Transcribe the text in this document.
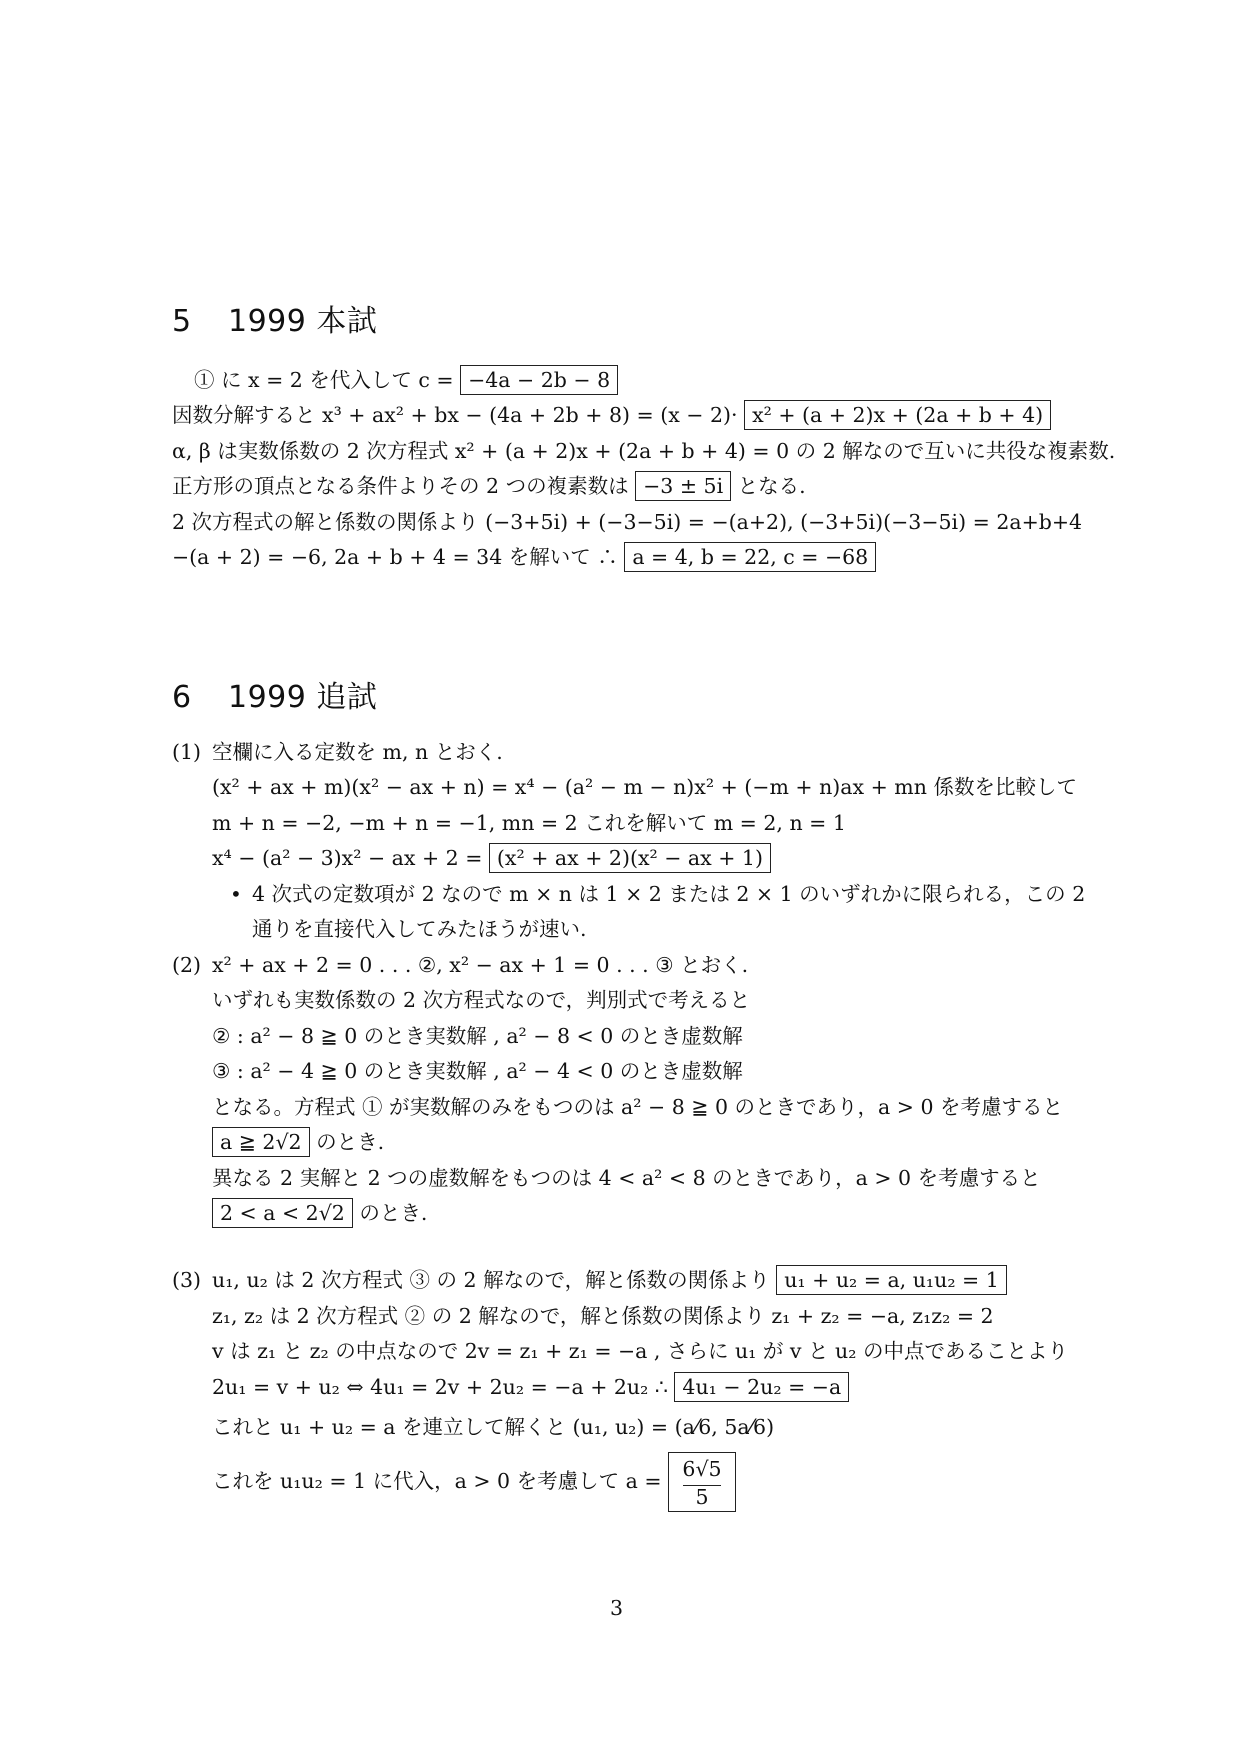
5 1999 本試
① に x = 2 を代入して c = −4a − 2b − 8
因数分解すると x³ + ax² + bx − (4a + 2b + 8) = (x − 2)· x² + (a + 2)x + (2a + b + 4)
α, β は実数係数の 2 次方程式 x² + (a + 2)x + (2a + b + 4) = 0 の 2 解なので互いに共役な複素数.
正方形の頂点となる条件よりその 2 つの複素数は −3 ± 5i となる.
2 次方程式の解と係数の関係より (−3+5i) + (−3−5i) = −(a+2), (−3+5i)(−3−5i) = 2a+b+4
−(a + 2) = −6, 2a + b + 4 = 34 を解いて ∴ a = 4, b = 22, c = −68
6 1999 追試
(1) 空欄に入る定数を m, n とおく.
(x² + ax + m)(x² − ax + n) = x⁴ − (a² − m − n)x² + (−m + n)ax + mn 係数を比較して
m + n = −2, −m + n = −1, mn = 2 これを解いて m = 2, n = 1
x⁴ − (a² − 3)x² − ax + 2 = (x² + ax + 2)(x² − ax + 1)
• 4 次式の定数項が 2 なので m × n は 1 × 2 または 2 × 1 のいずれかに限られる，この 2
通りを直接代入してみたほうが速い.
(2) x² + ax + 2 = 0 . . . ②, x² − ax + 1 = 0 . . . ③ とおく.
いずれも実数係数の 2 次方程式なので，判別式で考えると
② : a² − 8 ≧ 0 のとき実数解 , a² − 8 < 0 のとき虚数解
③ : a² − 4 ≧ 0 のとき実数解 , a² − 4 < 0 のとき虚数解
となる。方程式 ① が実数解のみをもつのは a² − 8 ≧ 0 のときであり，a > 0 を考慮すると
a ≧ 2√2 のとき.
異なる 2 実解と 2 つの虚数解をもつのは 4 < a² < 8 のときであり，a > 0 を考慮すると
2 < a < 2√2 のとき.
(3) u₁, u₂ は 2 次方程式 ③ の 2 解なので，解と係数の関係より u₁ + u₂ = a, u₁u₂ = 1
z₁, z₂ は 2 次方程式 ② の 2 解なので，解と係数の関係より z₁ + z₂ = −a, z₁z₂ = 2
v は z₁ と z₂ の中点なので 2v = z₁ + z₁ = −a , さらに u₁ が v と u₂ の中点であることより
2u₁ = v + u₂ ⇔ 4u₁ = 2v + 2u₂ = −a + 2u₂ ∴ 4u₁ − 2u₂ = −a
これと u₁ + u₂ = a を連立して解くと (u₁, u₂) = (a⁄6, 5a⁄6)
これを u₁u₂ = 1 に代入，a > 0 を考慮して a =	6√5
5
3
